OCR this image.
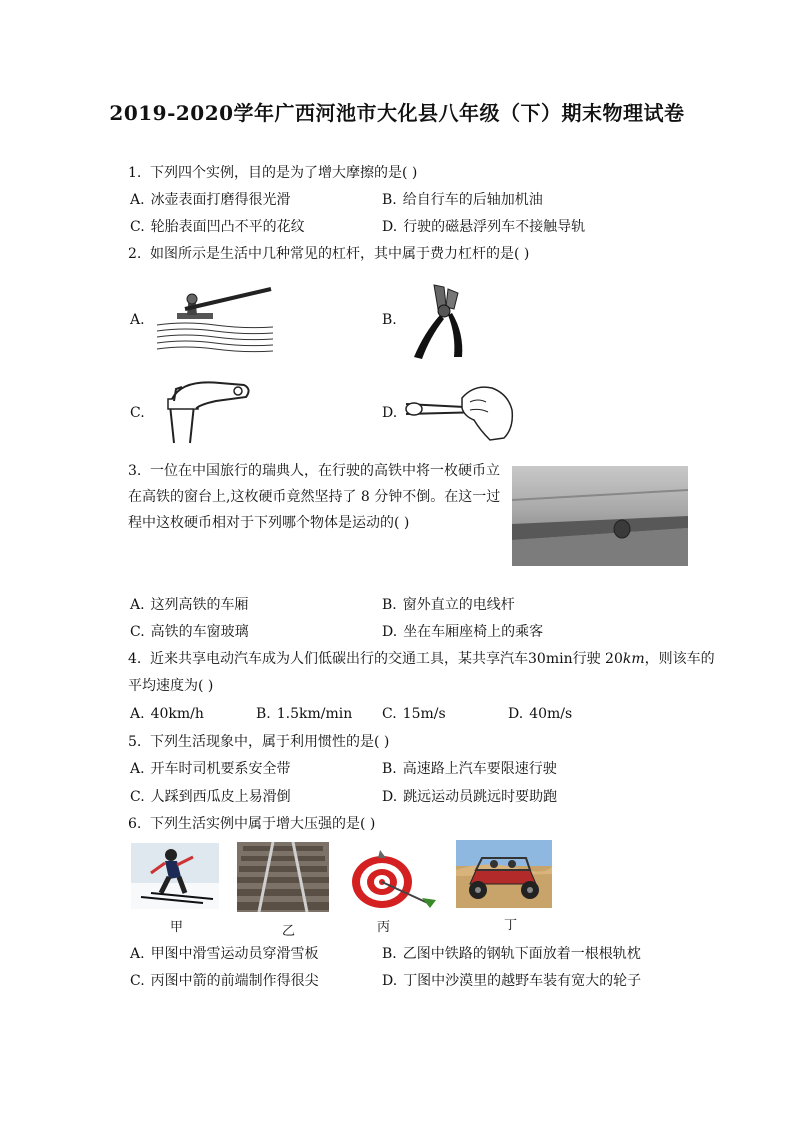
2019-2020学年广西河池市大化县八年级（下）期末物理试卷
1. 下列四个实例，目的是为了增大摩擦的是( )
A. 冰壶表面打磨得很光滑	B. 给自行车的后轴加机油
C. 轮胎表面凹凸不平的花纹	D. 行驶的磁悬浮列车不接触导轨
2. 如图所示是生活中几种常见的杠杆，其中属于费力杠杆的是( )
A.	B.
C.	D.
3. 一位在中国旅行的瑞典人，在行驶的高铁中将一枚硬币立
在高铁的窗台上,这枚硬币竟然坚持了 8 分钟不倒。在这一过
程中这枚硬币相对于下列哪个物体是运动的( )
A. 这列高铁的车厢	B. 窗外直立的电线杆
C. 高铁的车窗玻璃	D. 坐在车厢座椅上的乘客
4. 近来共享电动汽车成为人们低碳出行的交通工具，某共享汽车30min行驶 20km，则该车的
平均速度为( )
A. 40km/h	B. 1.5km/min C. 15m/s	D. 40m/s
5. 下列生活现象中，属于利用惯性的是( )
A. 开车时司机要系安全带	B. 高速路上汽车要限速行驶
C. 人踩到西瓜皮上易滑倒	D. 跳远运动员跳远时要助跑
6. 下列生活实例中属于增大压强的是( )
甲	乙	丙	丁
A. 甲图中滑雪运动员穿滑雪板	B. 乙图中铁路的钢轨下面放着一根根轨枕
C. 丙图中箭的前端制作得很尖	D. 丁图中沙漠里的越野车装有宽大的轮子
